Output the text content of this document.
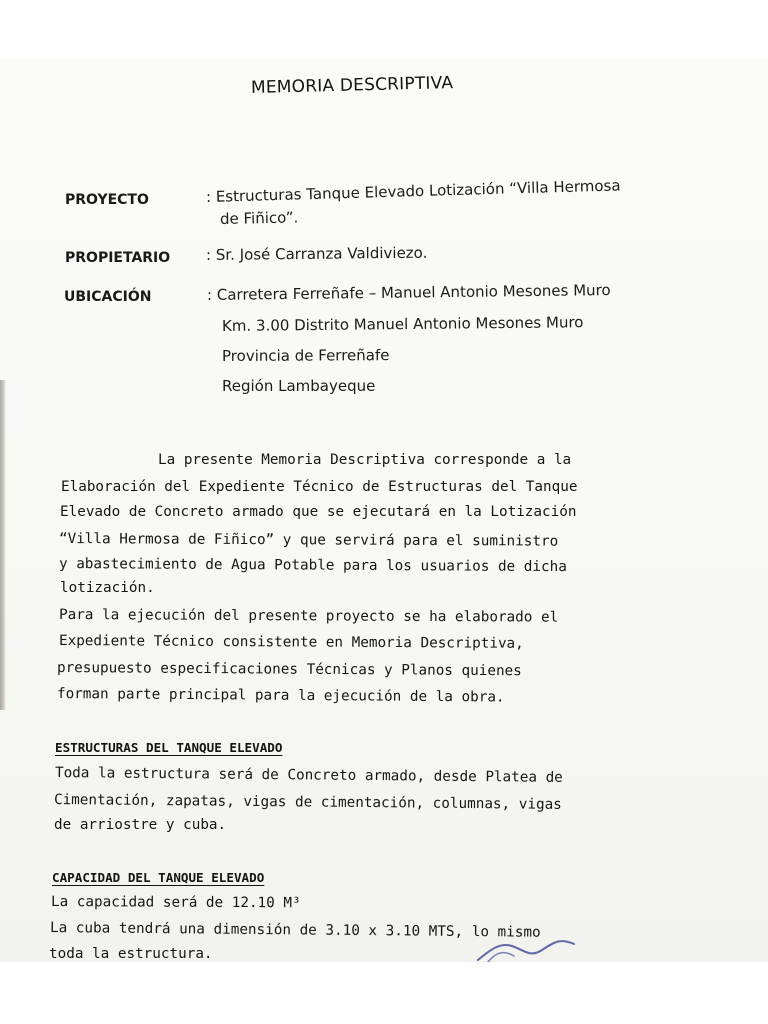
MEMORIA DESCRIPTIVA
PROYECTO	: Estructuras Tanque Elevado Lotización “Villa Hermosa
de Fiñico”.
PROPIETARIO : Sr. José Carranza Valdiviezo.
UBICACIÓN	: Carretera Ferreñafe – Manuel Antonio Mesones Muro
Km. 3.00 Distrito Manuel Antonio Mesones Muro
Provincia de Ferreñafe
Región Lambayeque
La presente Memoria Descriptiva corresponde a la
Elaboración del Expediente Técnico de Estructuras del Tanque
Elevado de Concreto armado que se ejecutará en la Lotización
“Villa Hermosa de Fiñico” y que servirá para el suministro
y abastecimiento de Agua Potable para los usuarios de dicha
lotización.
Para la ejecución del presente proyecto se ha elaborado el
Expediente Técnico consistente en Memoria Descriptiva,
presupuesto especificaciones Técnicas y Planos quienes
forman parte principal para la ejecución de la obra.
ESTRUCTURAS DEL TANQUE ELEVADO
Toda la estructura será de Concreto armado, desde Platea de
Cimentación, zapatas, vigas de cimentación, columnas, vigas
de arriostre y cuba.
CAPACIDAD DEL TANQUE ELEVADO
La capacidad será de 12.10 M³
La cuba tendrá una dimensión de 3.10 x 3.10 MTS, lo mismo
toda la estructura.
